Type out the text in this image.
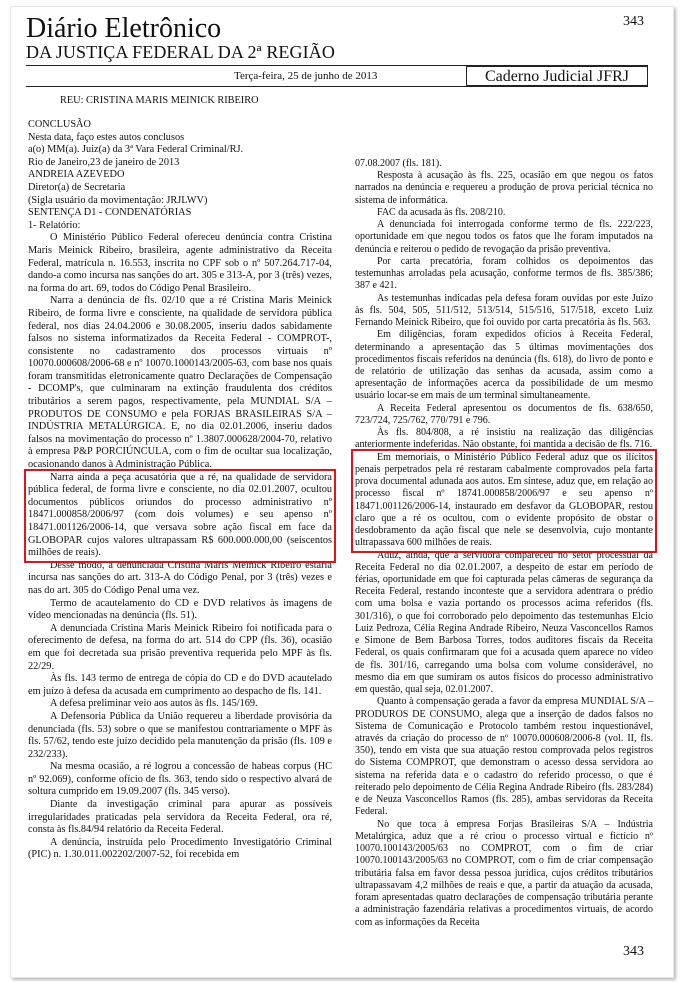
343
Diário Eletrônico
DA JUSTIÇA FEDERAL DA 2ª REGIÃO
Terça-feira, 25 de junho de 2013	Caderno Judicial JFRJ
REU: CRISTINA MARIS MEINICK RIBEIRO

CONCLUSÃO

Nesta data, faço estes autos conclusos

a(o) MM(a). Juiz(a) da 3ª Vara Federal Criminal/RJ.

Rio de Janeiro,23 de janeiro de 2013

ANDREIA AZEVEDO

Diretor(a) de Secretaria

(Sigla usuário da movimentação: JRJLWV)

SENTENÇA D1 - CONDENATÓRIAS

1- Relatório:

O Ministério Público Federal ofereceu denúncia contra Cristina Maris Meinick Ribeiro, brasileira, agente administrativo da Receita Federal, matrícula n. 16.553, inscrita no CPF sob o nº 507.264.717-04, dando-a como incursa nas sanções do art. 305 e 313-A, por 3 (três) vezes, na forma do art. 69, todos do Código Penal Brasileiro.

Narra a denúncia de fls. 02/10 que a ré Cristina Maris Meinick Ribeiro, de forma livre e consciente, na qualidade de servidora pública federal, nos dias 24.04.2006 e 30.08.2005, inseriu dados sabidamente falsos no sistema informatizados da Receita Federal - COMPROT-, consistente no cadastramento dos processos virtuais nº 10070.000608/2006-68 e nº 10070.1000143/2005-63, com base nos quais foram transmitidas eletronicamente quatro Declarações de Compensação - DCOMP's, que culminaram na extinção fraudulenta dos créditos tributários a serem pagos, respectivamente, pela MUNDIAL S/A – PRODUTOS DE CONSUMO e pela FORJAS BRASILEIRAS S/A – INDÚSTRIA METALÚRGICA. E, no dia 02.01.2006, inseriu dados falsos na movimentação do processo nº 1.3807.000628/2004-70, relativo à empresa P&P PORCIÚNCULA, com o fim de ocultar sua localização, ocasionando danos à Administração Pública.

Narra ainda a peça acusatória que a ré, na qualidade de servidora pública federal, de forma livre e consciente, no dia 02.01.2007, ocultou documentos públicos oriundos do processo administrativo nº 18471.000858/2006/97 (com dois volumes) e seu apenso nº 18471.001126/2006-14, que versava sobre ação fiscal em face da GLOBOPAR cujos valores ultrapassam R$ 600.000.000,00 (seiscentos milhões de reais).

Desse modo, a denunciada Cristina Maris Meinick Ribeiro estaria incursa nas sanções do art. 313-A do Código Penal, por 3 (três) vezes e nas do art. 305 do Código Penal uma vez.

Termo de acautelamento do CD e DVD relativos às imagens de vídeo mencionadas na denúncia (fls. 51).

A denunciada Cristina Maris Meinick Ribeiro foi notificada para o oferecimento de defesa, na forma do art. 514 do CPP (fls. 36), ocasião em que foi decretada sua prisão preventiva requerida pelo MPF às fls. 22/29.

Às fls. 143 termo de entrega de cópia do CD e do DVD acautelado em juízo à defesa da acusada em cumprimento ao despacho de fls. 141.

A defesa preliminar veio aos autos às fls. 145/169.

A Defensoria Pública da União requereu a liberdade provisória da denunciada (fls. 53) sobre o que se manifestou contrariamente o MPF às fls. 57/62, tendo este juízo decidido pela manutenção da prisão (fls. 109 e 232/233).

Na mesma ocasião, a ré logrou a concessão de habeas corpus (HC nº 92.069), conforme ofício de fls. 363, tendo sido o respectivo alvará de soltura cumprido em 19.09.2007 (fls. 345 verso).

Diante da investigação criminal para apurar as possíveis irregularidades praticadas pela servidora da Receita Federal, ora ré, consta às fls.84/94 relatório da Receita Federal.

A denúncia, instruída pelo Procedimento Investigatório Criminal (PIC) n. 1.30.011.002202/2007-52, foi recebida em

07.08.2007 (fls. 181).

Resposta à acusação às fls. 225, ocasião em que negou os fatos narrados na denúncia e requereu a produção de prova pericial técnica no sistema de informática.

FAC da acusada às fls. 208/210.

A denunciada foi interrogada conforme termo de fls. 222/223, oportunidade em que negou todos os fatos que lhe foram imputados na denúncia e reiterou o pedido de revogação da prisão preventiva.

Por carta precatória, foram colhidos os depoimentos das testemunhas arroladas pela acusação, conforme termos de fls. 385/386; 387 e 421.

As testemunhas indicadas pela defesa foram ouvidas por este Juízo às fls. 504, 505, 511/512, 513/514, 515/516, 517/518, exceto Luiz Fernando Meinick Ribeiro, que foi ouvido por carta precatória às fls. 563.

Em diligências, foram expedidos ofícios à Receita Federal, determinando a apresentação das 5 últimas movimentações dos procedimentos fiscais referidos na denúncia (fls. 618), do livro de ponto e de relatório de utilização das senhas da acusada, assim como a apresentação de informações acerca da possibilidade de um mesmo usuário locar-se em mais de um terminal simultaneamente.

A Receita Federal apresentou os documentos de fls. 638/650, 723/724, 725/762, 770/791 e 796.

Às fls. 804/808, a ré insistiu na realização das diligências anteriormente indeferidas. Não obstante, foi mantida a decisão de fls. 716.

Em memoriais, o Ministério Público Federal aduz que os ilícitos penais perpetrados pela ré restaram cabalmente comprovados pela farta prova documental adunada aos autos. Em síntese, aduz que, em relação ao processo fiscal nº 18741.000858/2006/97 e seu apenso nº 18471.001126/2006-14, instaurado em desfavor da GLOBOPAR, restou claro que a ré os ocultou, com o evidente propósito de obstar o desdobramento da ação fiscal que nele se desenvolvia, cujo montante ultrapassava 600 milhões de reais.

Aduz, ainda, que a servidora compareceu no setor processual da Receita Federal no dia 02.01.2007, a despeito de estar em período de férias, oportunidade em que foi capturada pelas câmeras de segurança da Receita Federal, restando inconteste que a servidora adentrara o prédio com uma bolsa e vazia portando os processos acima referidos (fls. 301/316), o que foi corroborado pelo depoimento das testemunhas Elcio Luiz Pedroza, Célia Regina Andrade Ribeiro, Neuza Vasconcellos Ramos e Simone de Bem Barbosa Torres, todos auditores fiscais da Receita Federal, os quais confirmaram que foi a acusada quem aparece no vídeo de fls. 301/16, carregando uma bolsa com volume considerável, no mesmo dia em que sumiram os autos físicos do processo administrativo em questão, qual seja, 02.01.2007.

Quanto à compensação gerada a favor da empresa MUNDIAL S/A – PRODUROS DE CONSUMO, alega que a inserção de dados falsos no Sistema de Comunicação e Protocolo também restou inquestionável, através da criação do processo de nº 10070.000608/2006-8 (vol. II, fls. 350), tendo em vista que sua atuação restou comprovada pelos registros do Sistema COMPROT, que demonstram o acesso dessa servidora ao sistema na referida data e o cadastro do referido processo, o que é reiterado pelo depoimento de Célia Regina Andrade Ribeiro (fls. 283/284) e de Neuza Vasconcellos Ramos (fls. 285), ambas servidoras da Receita Federal.

No que toca à empresa Forjas Brasileiras S/A – Indústria Metalúrgica, aduz que a ré criou o processo virtual e fictício nº 10070.100143/2005/63 no COMPROT, com o fim de criar 10070.100143/2005/63 no COMPROT, com o fim de criar compensação tributária falsa em favor dessa pessoa jurídica, cujos créditos tributários ultrapassavam 4,2 milhões de reais e que, a partir da atuação da acusada, foram apresentadas quatro declarações de compensação tributária perante a administração fazendária relativas a procedimentos virtuais, de acordo com as informações da Receita

343
